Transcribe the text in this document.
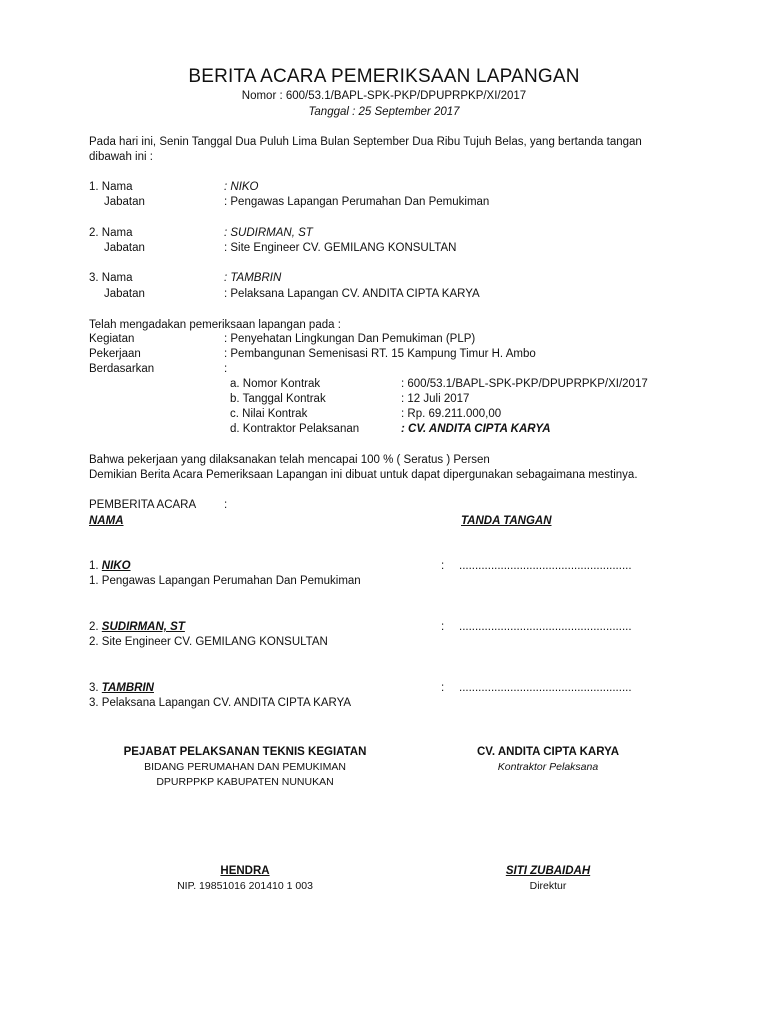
BERITA ACARA PEMERIKSAAN LAPANGAN
Nomor : 600/53.1/BAPL-SPK-PKP/DPUPRPKP/XI/2017
Tanggal : 25 September 2017
Pada hari ini, Senin Tanggal Dua Puluh Lima Bulan September Dua Ribu Tujuh Belas, yang bertanda tangan
dibawah ini :
1. Nama	: NIKO
Jabatan	: Pengawas Lapangan Perumahan Dan Pemukiman
2. Nama	: SUDIRMAN, ST
Jabatan	: Site Engineer CV. GEMILANG KONSULTAN
3. Nama	: TAMBRIN
Jabatan	: Pelaksana Lapangan CV. ANDITA CIPTA KARYA
Telah mengadakan pemeriksaan lapangan pada :
Kegiatan	: Penyehatan Lingkungan Dan Pemukiman (PLP)
Pekerjaan	: Pembangunan Semenisasi RT. 15 Kampung Timur H. Ambo
Berdasarkan	:
a. Nomor Kontrak	: 600/53.1/BAPL-SPK-PKP/DPUPRPKP/XI/2017
b. Tanggal Kontrak	: 12 Juli 2017
c. Nilai Kontrak	: Rp. 69.211.000,00
d. Kontraktor Pelaksanan	: CV. ANDITA CIPTA KARYA
Bahwa pekerjaan yang dilaksanakan telah mencapai 100 % ( Seratus ) Persen
Demikian Berita Acara Pemeriksaan Lapangan ini dibuat untuk dapat dipergunakan sebagaimana mestinya.
PEMBERITA ACARA :
NAMA	TANDA TANGAN
1. NIKO	: ......................................................
1. Pengawas Lapangan Perumahan Dan Pemukiman
2. SUDIRMAN, ST	: ......................................................
2. Site Engineer CV. GEMILANG KONSULTAN
3. TAMBRIN	: ......................................................
3. Pelaksana Lapangan CV. ANDITA CIPTA KARYA
PEJABAT PELAKSANAN TEKNIS KEGIATAN
BIDANG PERUMAHAN DAN PEMUKIMAN
DPURPPKP KABUPATEN NUNUKAN
HENDRA
NIP. 19851016 201410 1 003
CV. ANDITA CIPTA KARYA
Kontraktor Pelaksana
SITI ZUBAIDAH
Direktur
